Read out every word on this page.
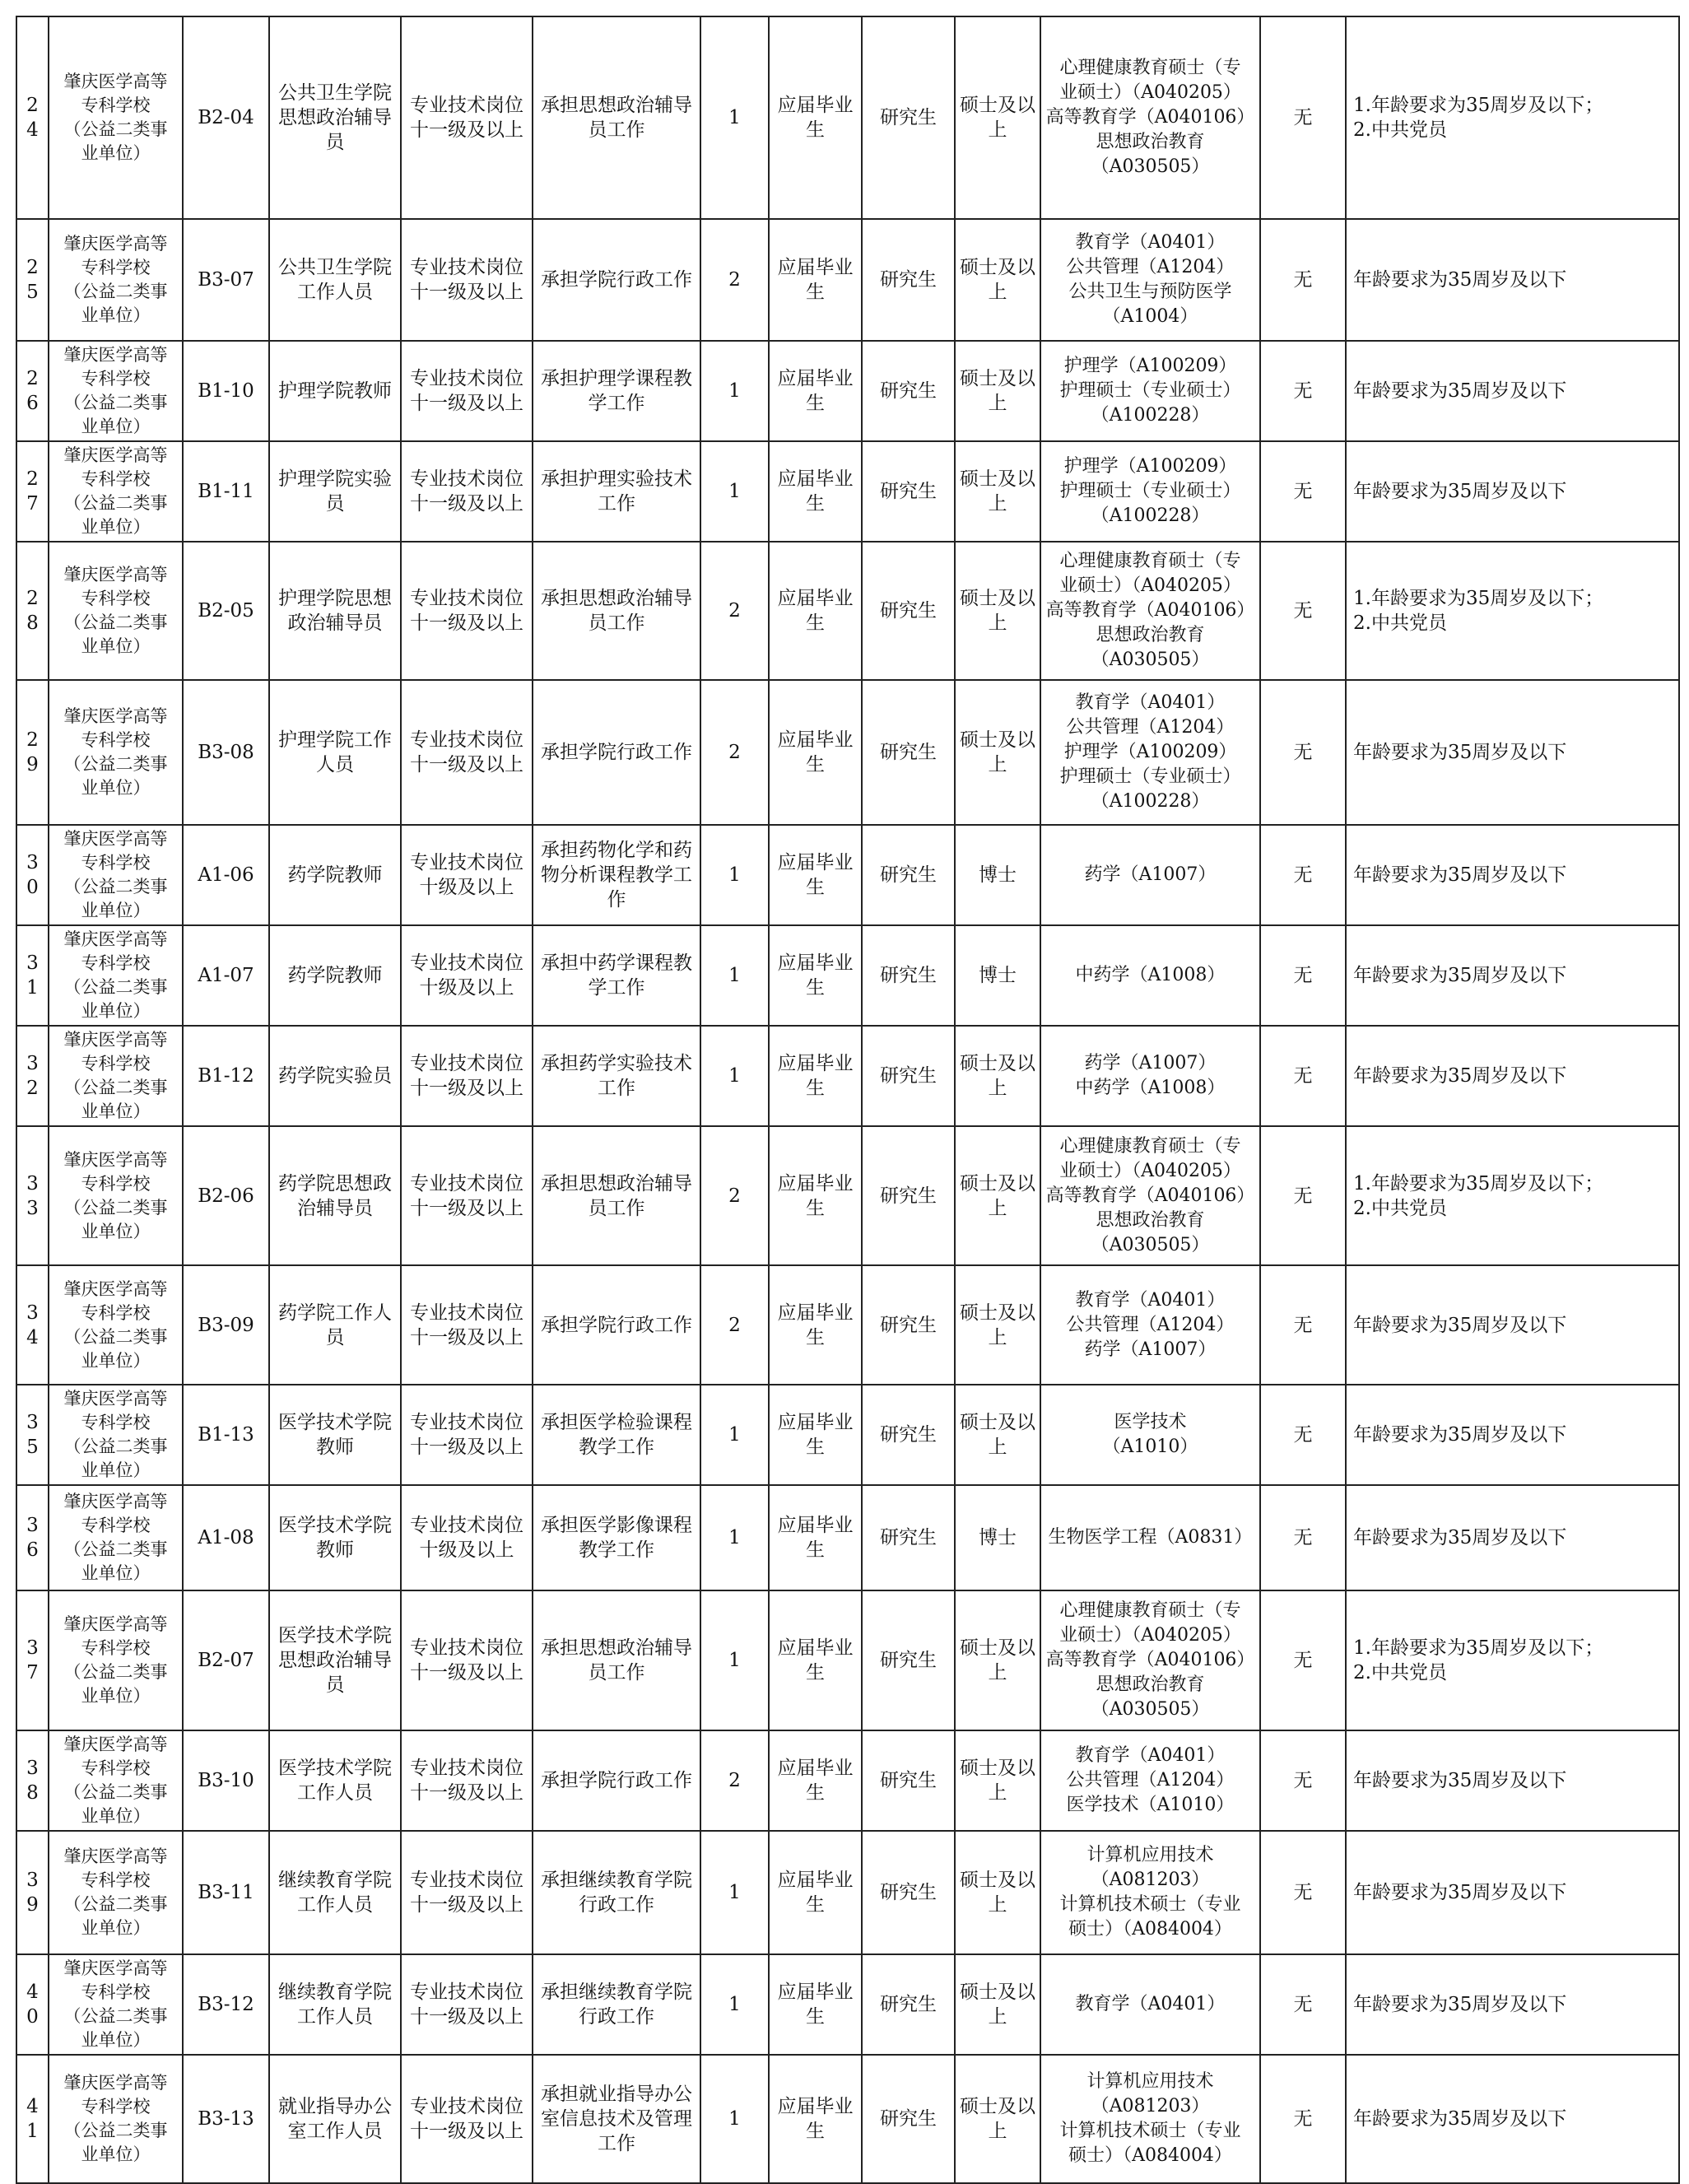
24	肇庆医学高等
专科学校
（公益二类事
业单位）	B2-04	公共卫生学院
思想政治辅导
员	专业技术岗位
十一级及以上	承担思想政治辅导
员工作	1	应届毕业
生	研究生	硕士及以
上	心理健康教育硕士（专
业硕士）（A040205）
高等教育学（A040106）
思想政治教育
（A030505）	无	1.年龄要求为35周岁及以下；
2.中共党员
25	肇庆医学高等
专科学校
（公益二类事
业单位）	B3-07	公共卫生学院
工作人员	专业技术岗位
十一级及以上	承担学院行政工作	2	应届毕业
生	研究生	硕士及以
上	教育学（A0401）
公共管理（A1204）
公共卫生与预防医学
（A1004）	无	年龄要求为35周岁及以下
26	肇庆医学高等
专科学校
（公益二类事
业单位）	B1-10	护理学院教师	专业技术岗位
十一级及以上	承担护理学课程教
学工作	1	应届毕业
生	研究生	硕士及以
上	护理学（A100209）
护理硕士（专业硕士）
（A100228）	无	年龄要求为35周岁及以下
27	肇庆医学高等
专科学校
（公益二类事
业单位）	B1-11	护理学院实验
员	专业技术岗位
十一级及以上	承担护理实验技术
工作	1	应届毕业
生	研究生	硕士及以
上	护理学（A100209）
护理硕士（专业硕士）
（A100228）	无	年龄要求为35周岁及以下
28	肇庆医学高等
专科学校
（公益二类事
业单位）	B2-05	护理学院思想
政治辅导员	专业技术岗位
十一级及以上	承担思想政治辅导
员工作	2	应届毕业
生	研究生	硕士及以
上	心理健康教育硕士（专
业硕士）（A040205）
高等教育学（A040106）
思想政治教育
（A030505）	无	1.年龄要求为35周岁及以下；
2.中共党员
29	肇庆医学高等
专科学校
（公益二类事
业单位）	B3-08	护理学院工作
人员	专业技术岗位
十一级及以上	承担学院行政工作	2	应届毕业
生	研究生	硕士及以
上	教育学（A0401）
公共管理（A1204）
护理学（A100209）
护理硕士（专业硕士）
（A100228）	无	年龄要求为35周岁及以下
30	肇庆医学高等
专科学校
（公益二类事
业单位）	A1-06	药学院教师	专业技术岗位
十级及以上	承担药物化学和药
物分析课程教学工
作	1	应届毕业
生	研究生	博士	药学（A1007）	无	年龄要求为35周岁及以下
31	肇庆医学高等
专科学校
（公益二类事
业单位）	A1-07	药学院教师	专业技术岗位
十级及以上	承担中药学课程教
学工作	1	应届毕业
生	研究生	博士	中药学（A1008）	无	年龄要求为35周岁及以下
32	肇庆医学高等
专科学校
（公益二类事
业单位）	B1-12	药学院实验员	专业技术岗位
十一级及以上	承担药学实验技术
工作	1	应届毕业
生	研究生	硕士及以
上	药学（A1007）
中药学（A1008）	无	年龄要求为35周岁及以下
33	肇庆医学高等
专科学校
（公益二类事
业单位）	B2-06	药学院思想政
治辅导员	专业技术岗位
十一级及以上	承担思想政治辅导
员工作	2	应届毕业
生	研究生	硕士及以
上	心理健康教育硕士（专
业硕士）（A040205）
高等教育学（A040106）
思想政治教育
（A030505）	无	1.年龄要求为35周岁及以下；
2.中共党员
34	肇庆医学高等
专科学校
（公益二类事
业单位）	B3-09	药学院工作人
员	专业技术岗位
十一级及以上	承担学院行政工作	2	应届毕业
生	研究生	硕士及以
上	教育学（A0401）
公共管理（A1204）
药学（A1007）	无	年龄要求为35周岁及以下
35	肇庆医学高等
专科学校
（公益二类事
业单位）	B1-13	医学技术学院
教师	专业技术岗位
十一级及以上	承担医学检验课程
教学工作	1	应届毕业
生	研究生	硕士及以
上	医学技术
（A1010）	无	年龄要求为35周岁及以下
36	肇庆医学高等
专科学校
（公益二类事
业单位）	A1-08	医学技术学院
教师	专业技术岗位
十级及以上	承担医学影像课程
教学工作	1	应届毕业
生	研究生	博士	生物医学工程（A0831）	无	年龄要求为35周岁及以下
37	肇庆医学高等
专科学校
（公益二类事
业单位）	B2-07	医学技术学院
思想政治辅导
员	专业技术岗位
十一级及以上	承担思想政治辅导
员工作	1	应届毕业
生	研究生	硕士及以
上	心理健康教育硕士（专
业硕士）（A040205）
高等教育学（A040106）
思想政治教育
（A030505）	无	1.年龄要求为35周岁及以下；
2.中共党员
38	肇庆医学高等
专科学校
（公益二类事
业单位）	B3-10	医学技术学院
工作人员	专业技术岗位
十一级及以上	承担学院行政工作	2	应届毕业
生	研究生	硕士及以
上	教育学（A0401）
公共管理（A1204）
医学技术（A1010）	无	年龄要求为35周岁及以下
39	肇庆医学高等
专科学校
（公益二类事
业单位）	B3-11	继续教育学院
工作人员	专业技术岗位
十一级及以上	承担继续教育学院
行政工作	1	应届毕业
生	研究生	硕士及以
上	计算机应用技术
（A081203）
计算机技术硕士（专业
硕士）（A084004）	无	年龄要求为35周岁及以下
40	肇庆医学高等
专科学校
（公益二类事
业单位）	B3-12	继续教育学院
工作人员	专业技术岗位
十一级及以上	承担继续教育学院
行政工作	1	应届毕业
生	研究生	硕士及以
上	教育学（A0401）	无	年龄要求为35周岁及以下
41	肇庆医学高等
专科学校
（公益二类事
业单位）	B3-13	就业指导办公
室工作人员	专业技术岗位
十一级及以上	承担就业指导办公
室信息技术及管理
工作	1	应届毕业
生	研究生	硕士及以
上	计算机应用技术
（A081203）
计算机技术硕士（专业
硕士）（A084004）	无	年龄要求为35周岁及以下
